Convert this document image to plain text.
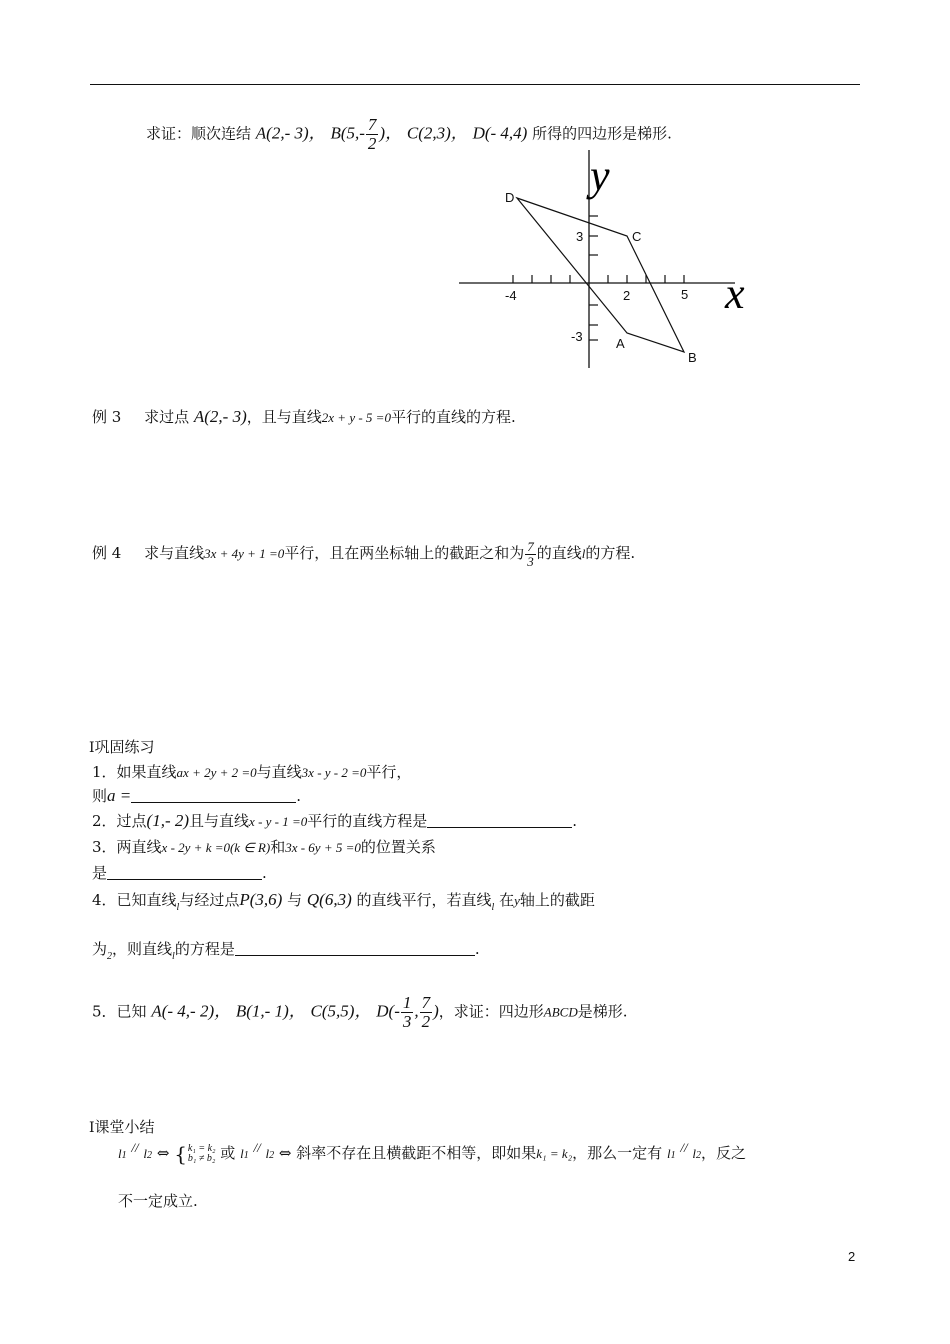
求证：顺次连结 A(2,- 3)， $B(5,- \frac{7}{2}$ )， C(2,3)， D(- 4,4) 所得的四边形是梯形.
y
x
-4	2	5
3
-3
D
C
A
B
例 3 求过点 A(2,- 3)，且与直线2x + y - 5 =0平行的直线的方程.
例 4 求与直线3x + 4y + 1 =0平行，且在两坐标轴上的截距之和为 $\frac{7}{3}$ 的直线l的方程.
I巩固练习
1．如果直线ax + 2y + 2 =0与直线3x - y - 2 =0平行，
则a =	.
2．过点(1,- 2)且与直线x - y - 1 =0平行的直线方程是	.
3．两直线x - 2y + k =0(k ∈ R)和3x - 6y + 5 =0的位置关系
是	.
4．已知直线$_l$与经过点P(3,6) 与 Q(6,3) 的直线平行，若直线$_l$ 在y轴上的截距
为$_2$，则直线$_l$的方程是	.
5．已知 A(- 4,- 2)， B(1,- 1)， C(5,5)， $D(- \frac{1}{3}$ , $\frac{7}{2}$ )，求证：四边形ABCD是梯形.
I课堂小结
l1 // l2 ⇔ { k₁ = k₂
b₁ ≠ b₂ 或 l1 // l2 ⇔ 斜率不存在且横截距不相等，即如果k₁ = k₂，那么一定有 l1 // l2，反之
不一定成立.
2
